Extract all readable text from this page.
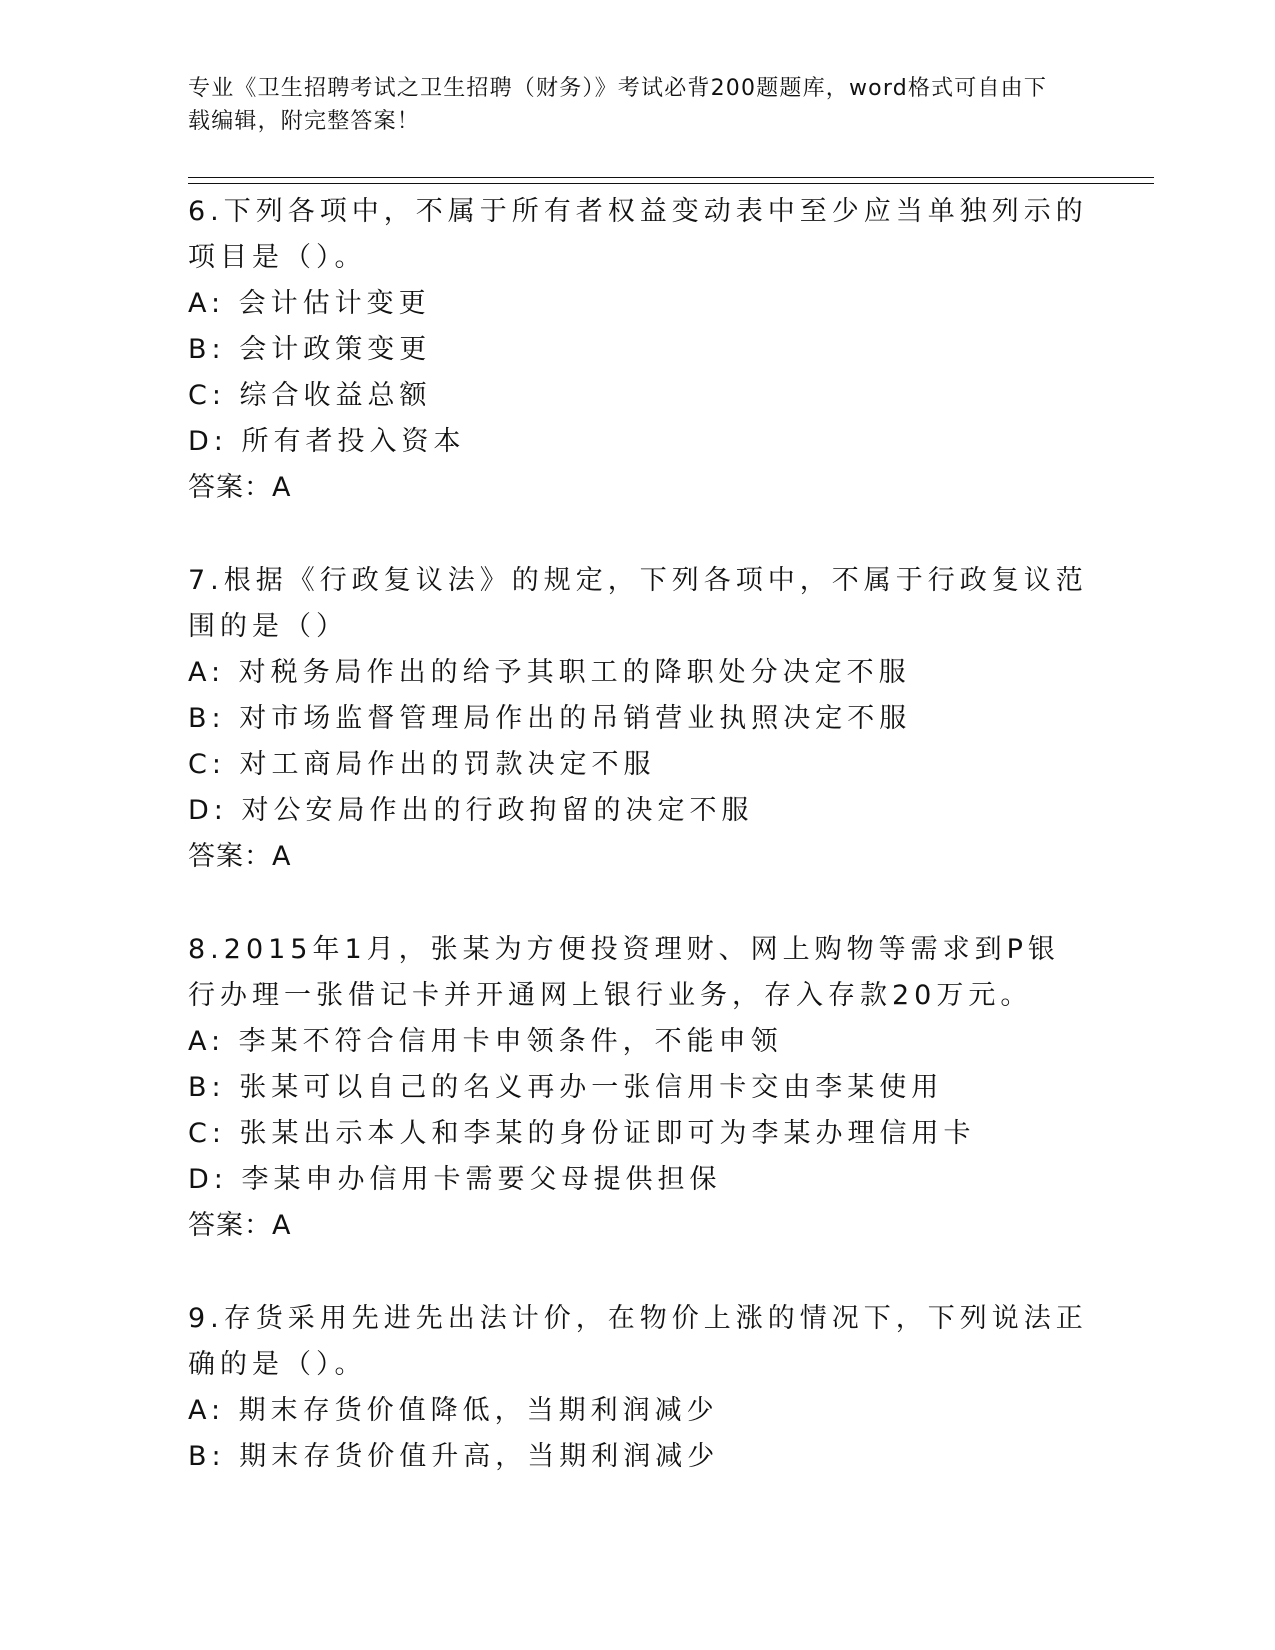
专业《卫生招聘考试之卫生招聘（财务）》考试必背200题题库，word格式可自由下载编辑，附完整答案！
6.下列各项中，不属于所有者权益变动表中至少应当单独列示的项目是（）。
A: 会计估计变更
B: 会计政策变更
C: 综合收益总额
D: 所有者投入资本
答案：A
7.根据《行政复议法》的规定，下列各项中，不属于行政复议范围的是（）
A: 对税务局作出的给予其职工的降职处分决定不服
B: 对市场监督管理局作出的吊销营业执照决定不服
C: 对工商局作出的罚款决定不服
D: 对公安局作出的行政拘留的决定不服
答案：A
8.2015年1月，张某为方便投资理财、网上购物等需求到P银行办理一张借记卡并开通网上银行业务，存入存款20万元。
A: 李某不符合信用卡申领条件，不能申领
B: 张某可以自己的名义再办一张信用卡交由李某使用
C: 张某出示本人和李某的身份证即可为李某办理信用卡
D: 李某申办信用卡需要父母提供担保
答案：A
9.存货采用先进先出法计价，在物价上涨的情况下，下列说法正确的是（）。
A: 期末存货价值降低，当期利润减少
B: 期末存货价值升高，当期利润减少
